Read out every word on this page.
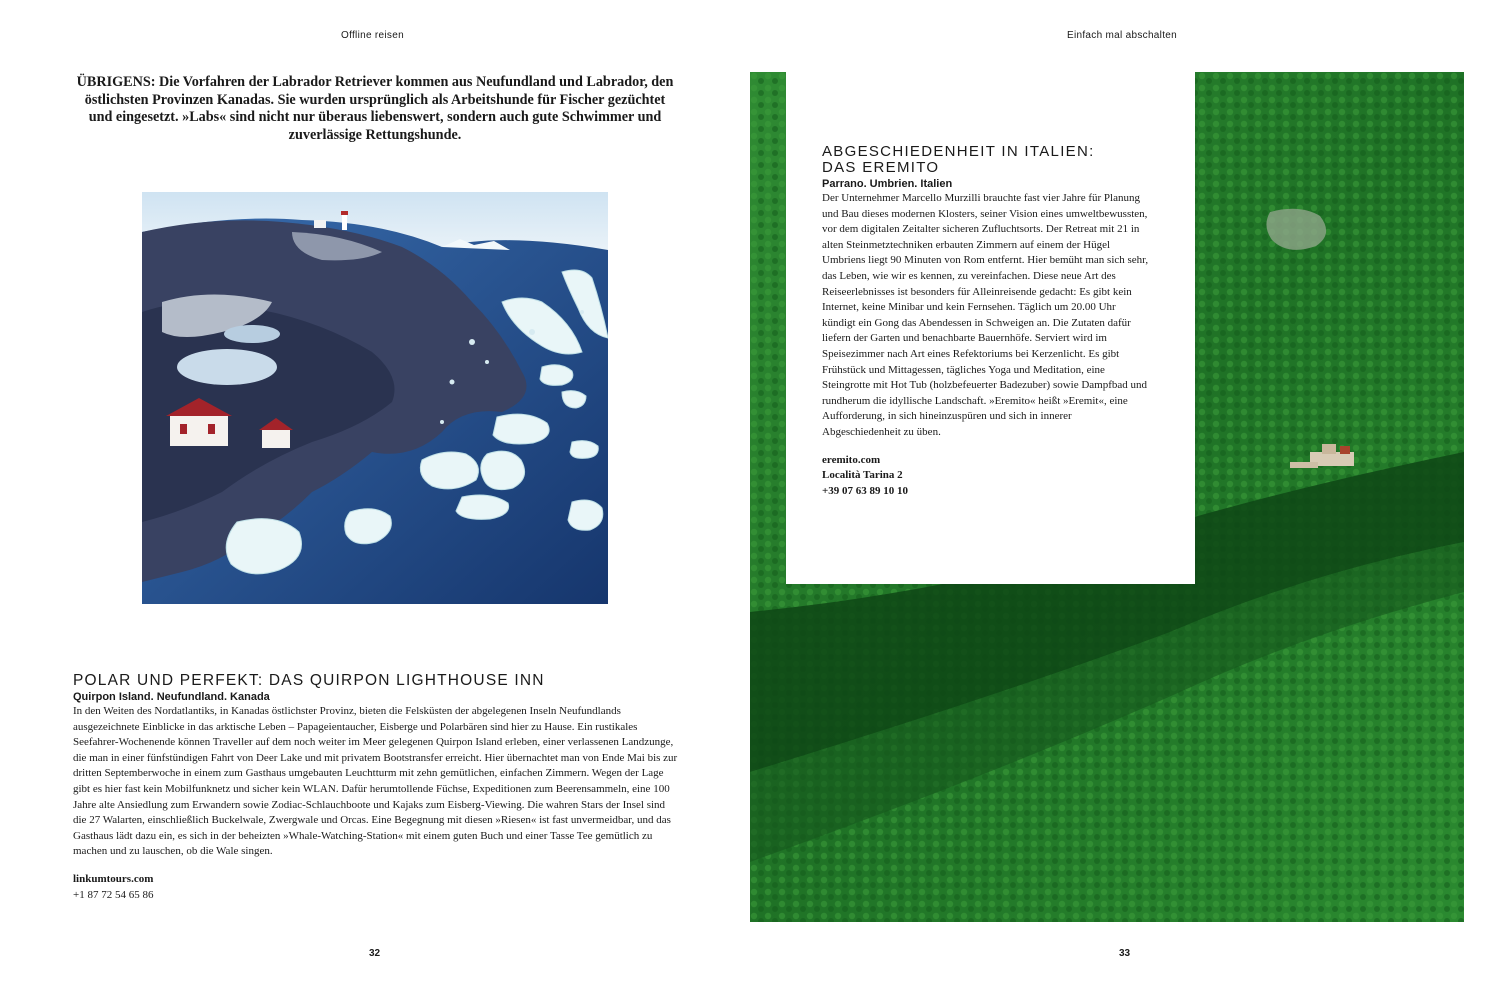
Offline reisen	Einfach mal abschalten
ÜBRIGENS: Die Vorfahren der Labrador Retriever kommen aus Neufundland und Labrador, den östlichsten Provinzen Kanadas. Sie wurden ursprünglich als Arbeitshunde für Fischer gezüchtet und eingesetzt. »Labs« sind nicht nur überaus liebenswert, sondern auch gute Schwimmer und zuverlässige Rettungshunde.
POLAR UND PERFEKT: DAS QUIRPON LIGHTHOUSE INN

Quirpon Island. Neufundland. Kanada

In den Weiten des Nordatlantiks, in Kanadas östlichster Provinz, bieten die Felsküsten der abgelegenen Inseln Neufundlands ausgezeichnete Einblicke in das arktische Leben – Papageientaucher, Eisberge und Polarbären sind hier zu Hause. Ein rustikales Seefahrer-Wochenende können Traveller auf dem noch weiter im Meer gelegenen Quirpon Island erleben, einer verlassenen Landzunge, die man in einer fünfstündigen Fahrt von Deer Lake und mit privatem Bootstransfer erreicht. Hier übernachtet man von Ende Mai bis zur dritten Septemberwoche in einem zum Gasthaus umgebauten Leuchtturm mit zehn gemütlichen, einfachen Zimmern. Wegen der Lage gibt es hier fast kein Mobilfunknetz und sicher kein WLAN. Dafür herumtollende Füchse, Expeditionen zum Beerensammeln, eine 100 Jahre alte Ansiedlung zum Erwandern sowie Zodiac-Schlauchboote und Kajaks zum Eisberg-Viewing. Die wahren Stars der Insel sind die 27 Walarten, einschließlich Buckelwale, Zwergwale und Orcas. Eine Begegnung mit diesen »Riesen« ist fast unvermeidbar, und das Gasthaus lädt dazu ein, es sich in der beheizten »Whale-Watching-Station« mit einem guten Buch und einer Tasse Tee gemütlich zu machen und zu lauschen, ob die Wale singen.

linkumtours.com
+1 87 72 54 65 86
ABGESCHIEDENHEIT IN ITALIEN:
DAS EREMITO

Parrano. Umbrien. Italien

Der Unternehmer Marcello Murzilli brauchte fast vier Jahre für Planung und Bau dieses modernen Klosters, seiner Vision eines umweltbewussten, vor dem digitalen Zeitalter sicheren Zufluchtsorts. Der Retreat mit 21 in alten Steinmetztechniken erbauten Zimmern auf einem der Hügel Umbriens liegt 90 Minuten von Rom entfernt. Hier bemüht man sich sehr, das Leben, wie wir es kennen, zu vereinfachen. Diese neue Art des Reiseerlebnisses ist besonders für Alleinreisende gedacht: Es gibt kein Internet, keine Minibar und kein Fernsehen. Täglich um 20.00 Uhr kündigt ein Gong das Abendessen in Schweigen an. Die Zutaten dafür liefern der Garten und benachbarte Bauernhöfe. Serviert wird im Speisezimmer nach Art eines Refektoriums bei Kerzenlicht. Es gibt Frühstück und Mittagessen, tägliches Yoga und Meditation, eine Steingrotte mit Hot Tub (holzbefeuerter Badezuber) sowie Dampfbad und rundherum die idyllische Landschaft. »Eremito« heißt »Eremit«, eine Aufforderung, in sich hineinzuspüren und sich in innerer Abgeschiedenheit zu üben.

eremito.com
Località Tarina 2
+39 07 63 89 10 10
32	33
